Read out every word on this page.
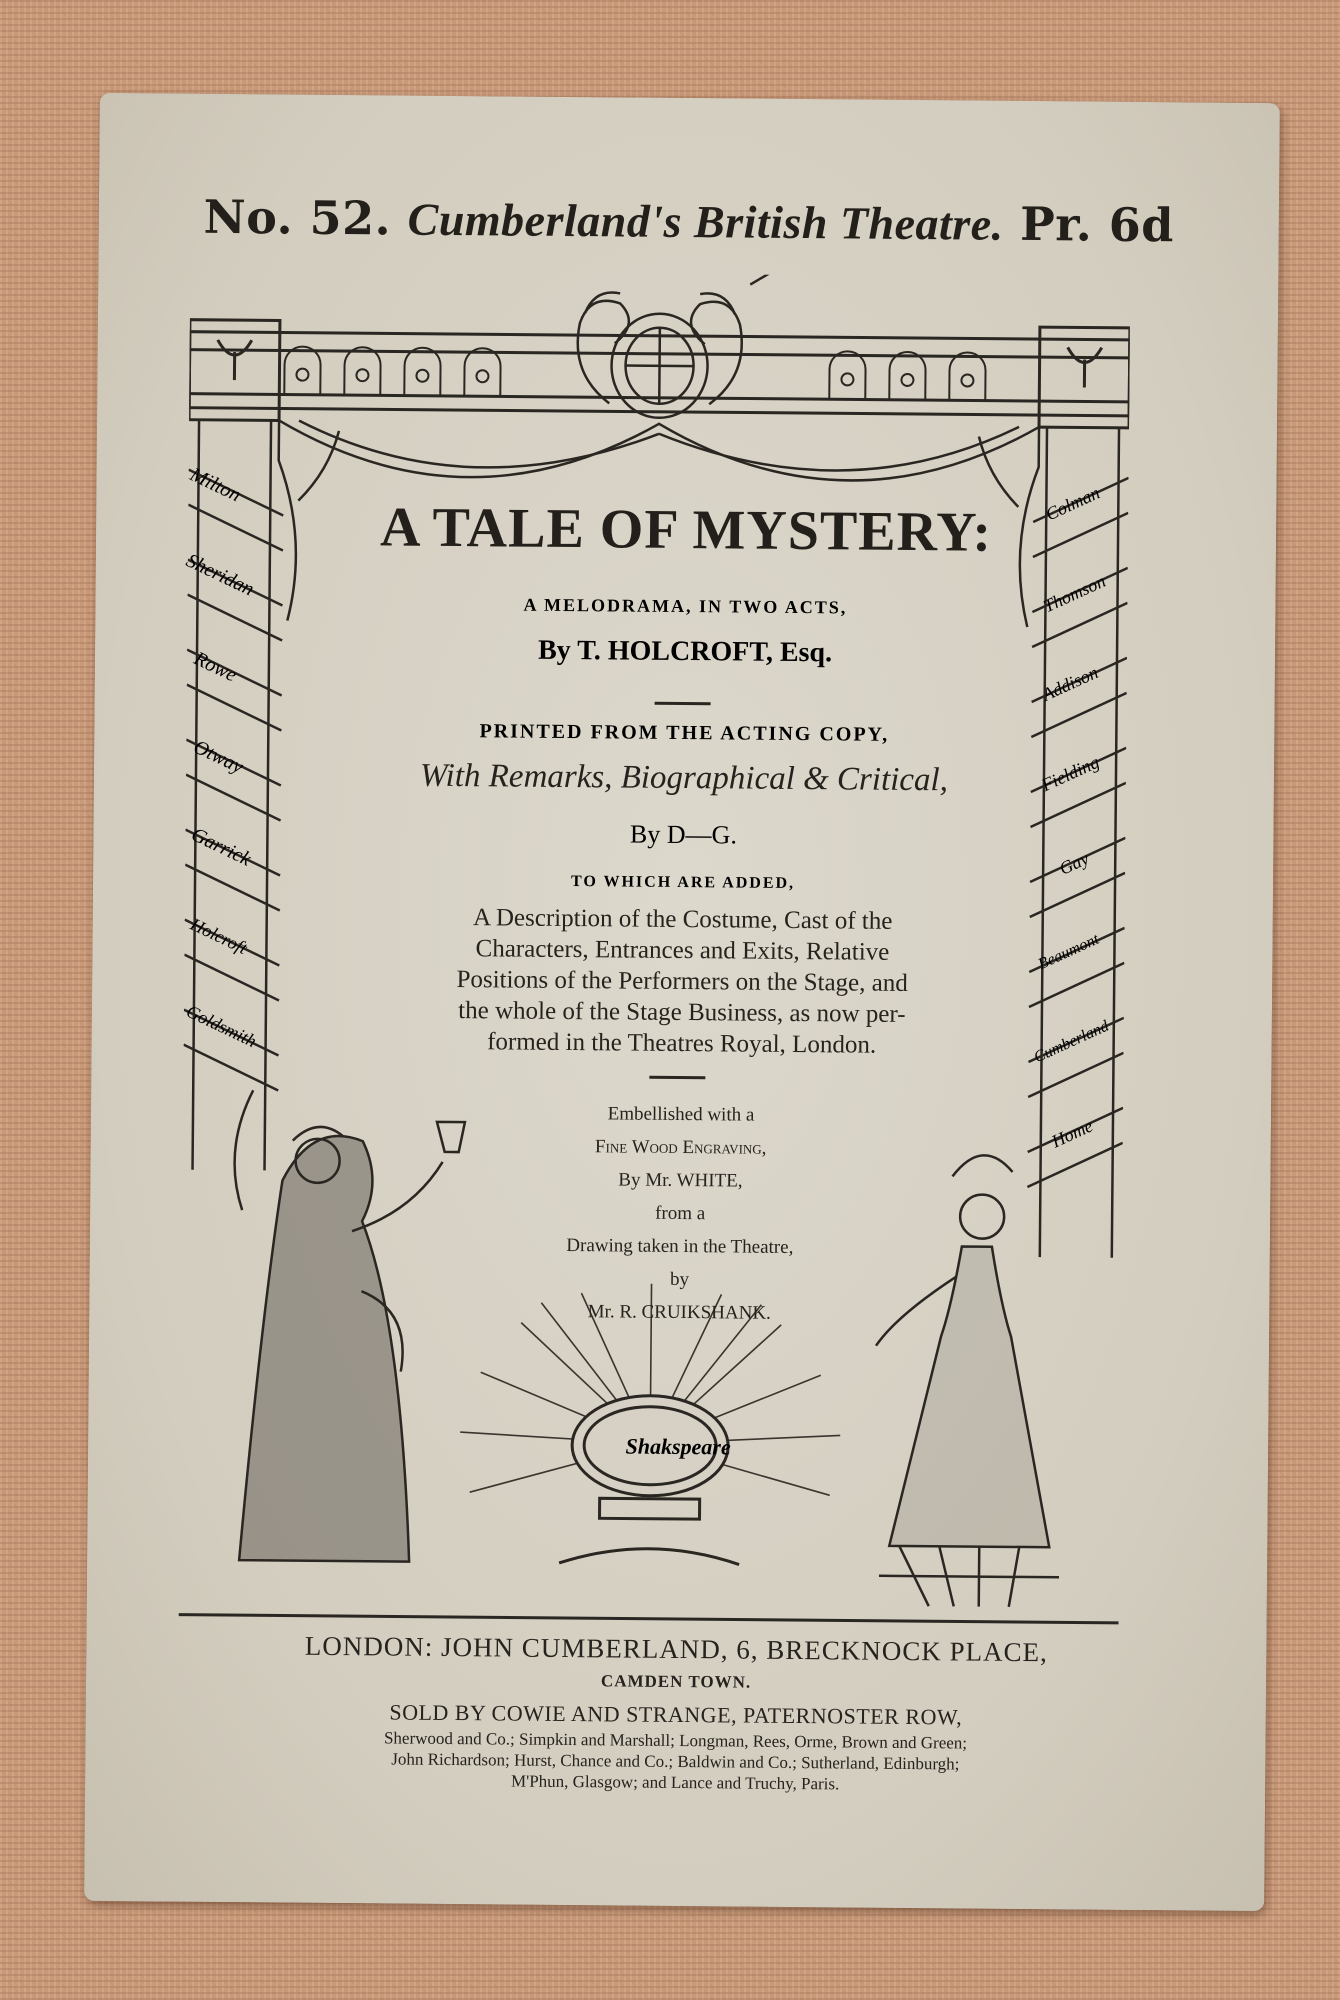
No. 52. Cumberland's British Theatre. Pr. 6d
Milton
Sheridan
Rowe
Otway
Garrick
Holcroft
Goldsmith
Colman
Thomson
Addison
Fielding
Gay
Beaumont
Cumberland
Home
A TALE OF MYSTERY:
A MELODRAMA, IN TWO ACTS,
By T. HOLCROFT, Esq.
PRINTED FROM THE ACTING COPY,
With Remarks, Biographical & Critical,
By D—G.
TO WHICH ARE ADDED,
A Description of the Costume, Cast of the
Characters, Entrances and Exits, Relative
Positions of the Performers on the Stage, and
the whole of the Stage Business, as now per-
formed in the Theatres Royal, London.
Embellished with a
Fine Wood Engraving,
By Mr. WHITE,
from a
Drawing taken in the Theatre,
by
Mr. R. CRUIKSHANK.
Shakspeare
LONDON: JOHN CUMBERLAND, 6, BRECKNOCK PLACE,
CAMDEN TOWN.
SOLD BY COWIE AND STRANGE, PATERNOSTER ROW,
Sherwood and Co.; Simpkin and Marshall; Longman, Rees, Orme, Brown and Green;
John Richardson; Hurst, Chance and Co.; Baldwin and Co.; Sutherland, Edinburgh;
M'Phun, Glasgow; and Lance and Truchy, Paris.
